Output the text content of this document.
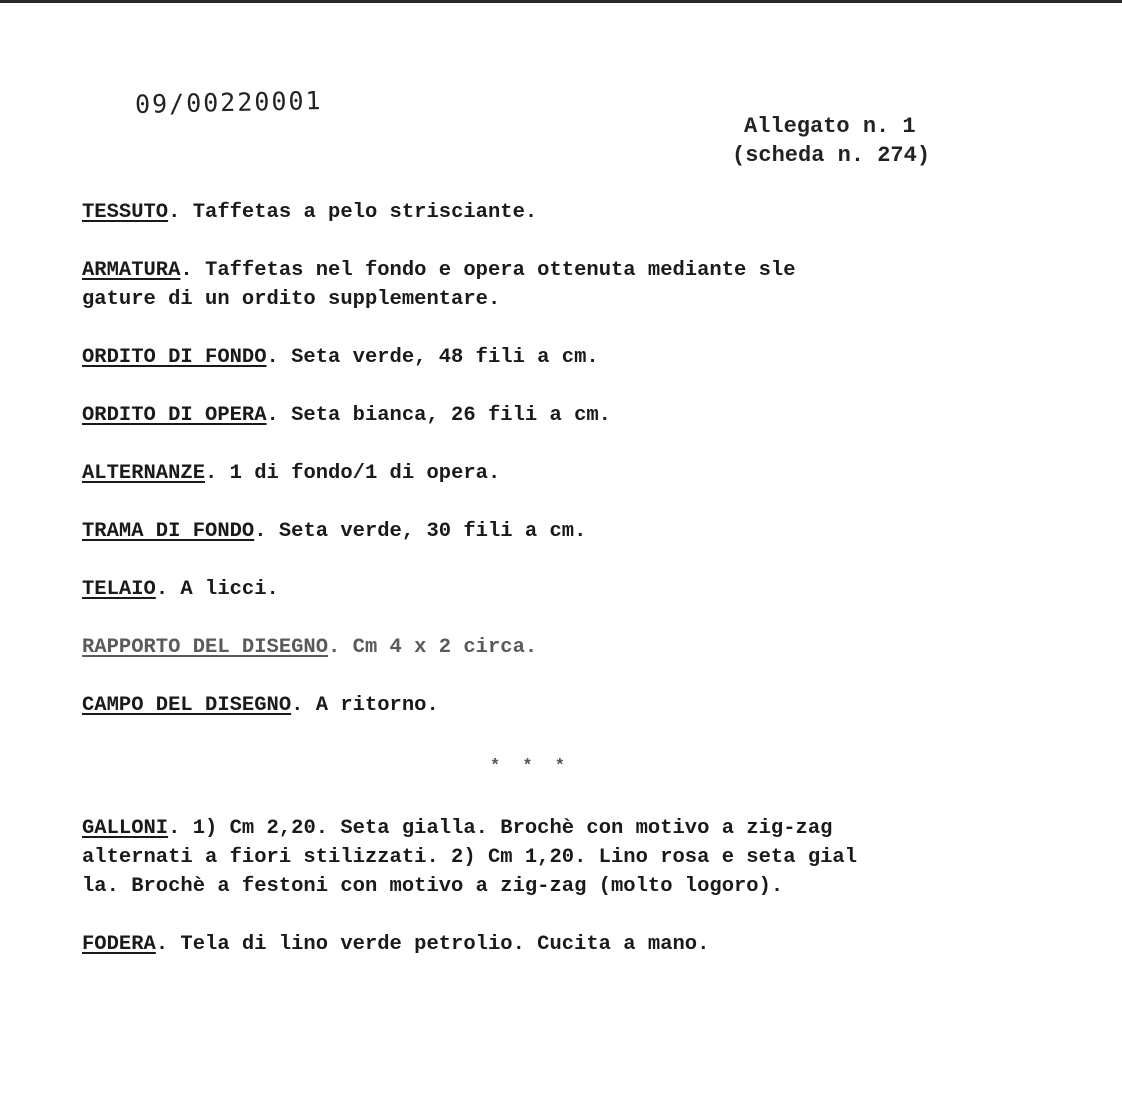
09/00220001
Allegato n. 1
(scheda n. 274)

TESSUTO. Taffetas a pelo strisciante.

ARMATURA. Taffetas nel fondo e opera ottenuta mediante sle
gature di un ordito supplementare.

ORDITO DI FONDO. Seta verde, 48 fili a cm.

ORDITO DI OPERA. Seta bianca, 26 fili a cm.

ALTERNANZE. 1 di fondo/1 di opera.

TRAMA DI FONDO. Seta verde, 30 fili a cm.

TELAIO. A licci.

RAPPORTO DEL DISEGNO. Cm 4 x 2 circa.

CAMPO DEL DISEGNO. A ritorno.

* * *

GALLONI. 1) Cm 2,20. Seta gialla. Brochè con motivo a zig-zag
alternati a fiori stilizzati. 2) Cm 1,20. Lino rosa e seta gial
la. Brochè a festoni con motivo a zig-zag (molto logoro).

FODERA. Tela di lino verde petrolio. Cucita a mano.
